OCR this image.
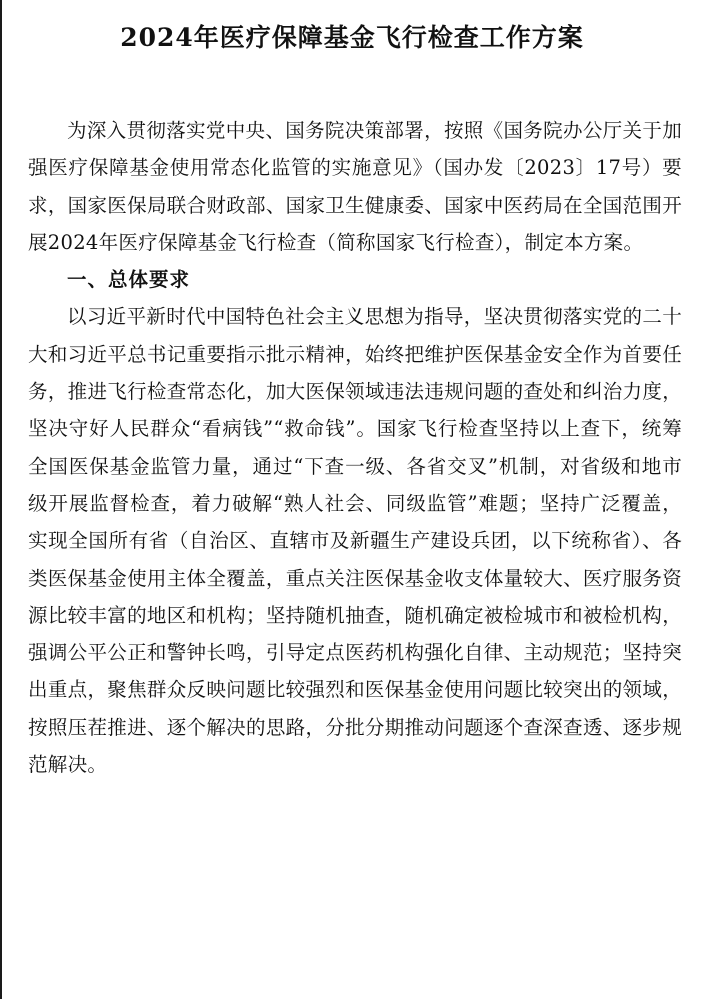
2024年医疗保障基金飞行检查工作方案

为深入贯彻落实党中央、国务院决策部署，按照《国务院办公厅关于加强医疗保障基金使用常态化监管的实施意见》（国办发〔2023〕17号）要求，国家医保局联合财政部、国家卫生健康委、国家中医药局在全国范围开展2024年医疗保障基金飞行检查（简称国家飞行检查），制定本方案。

一、总体要求

以习近平新时代中国特色社会主义思想为指导，坚决贯彻落实党的二十大和习近平总书记重要指示批示精神，始终把维护医保基金安全作为首要任务，推进飞行检查常态化，加大医保领域违法违规问题的查处和纠治力度，坚决守好人民群众“看病钱”“救命钱”。国家飞行检查坚持以上查下，统筹全国医保基金监管力量，通过“下查一级、各省交叉”机制，对省级和地市级开展监督检查，着力破解“熟人社会、同级监管”难题；坚持广泛覆盖，实现全国所有省（自治区、直辖市及新疆生产建设兵团，以下统称省）、各类医保基金使用主体全覆盖，重点关注医保基金收支体量较大、医疗服务资源比较丰富的地区和机构；坚持随机抽查，随机确定被检城市和被检机构，强调公平公正和警钟长鸣，引导定点医药机构强化自律、主动规范；坚持突出重点，聚焦群众反映问题比较强烈和医保基金使用问题比较突出的领域，按照压茬推进、逐个解决的思路，分批分期推动问题逐个查深查透、逐步规范解决。
